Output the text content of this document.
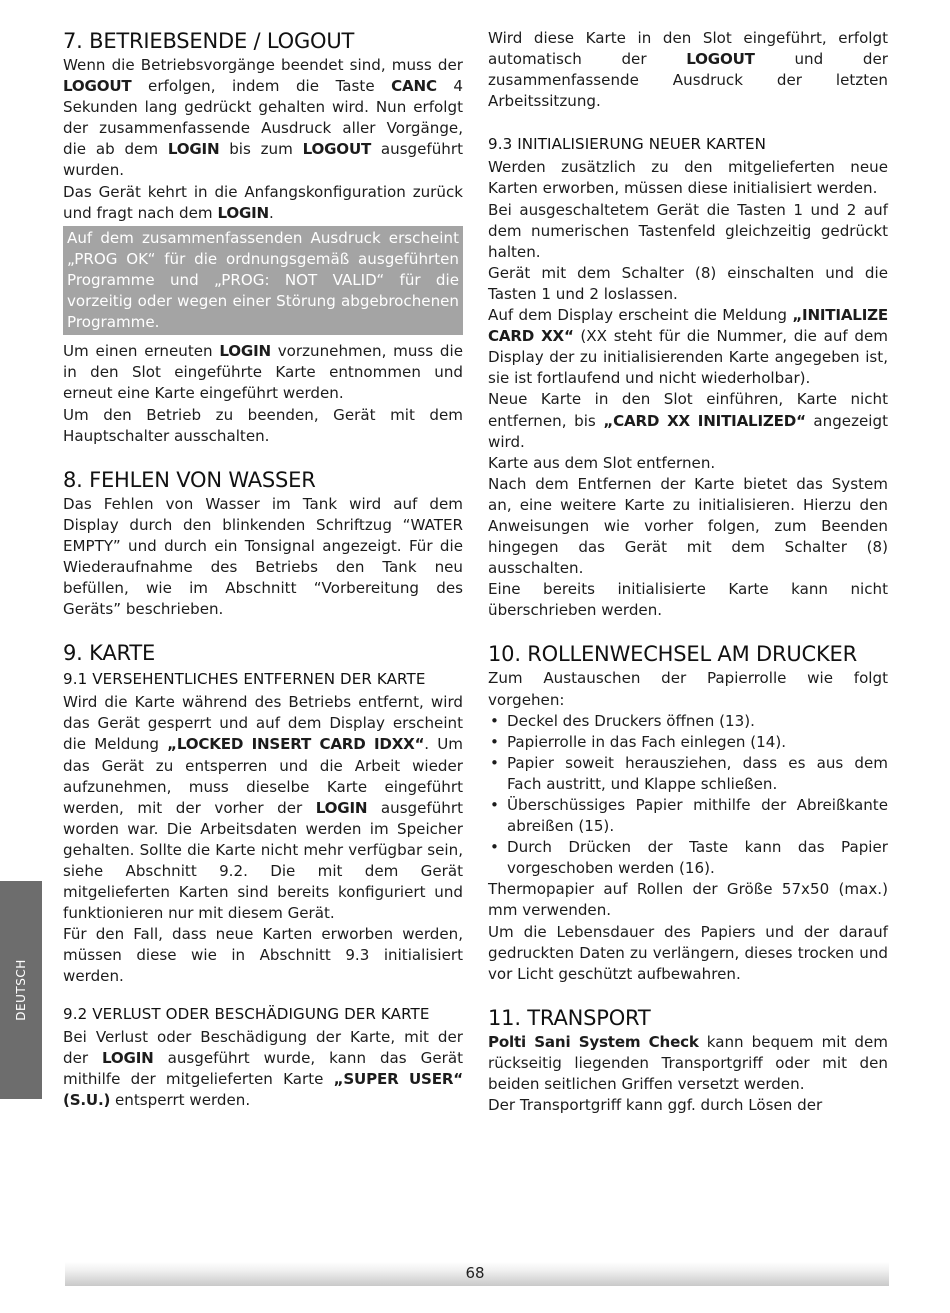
7. BETRIEBSENDE / LOGOUT

Wenn die Betriebsvorgänge beendet sind, muss der LOGOUT erfolgen, indem die Taste CANC 4 Sekunden lang gedrückt gehalten wird. Nun erfolgt der zusammenfassende Ausdruck aller Vorgänge, die ab dem LOGIN bis zum LOGOUT ausgeführt wurden.

Das Gerät kehrt in die Anfangskonfiguration zurück und fragt nach dem LOGIN.

Auf dem zusammenfassenden Ausdruck erscheint „PROG OK“ für die ordnungsgemäß ausgeführten Programme und „PROG: NOT VALID“ für die vorzeitig oder wegen einer Störung abgebrochenen Programme.

Um einen erneuten LOGIN vorzunehmen, muss die in den Slot eingeführte Karte entnommen und erneut eine Karte eingeführt werden.

Um den Betrieb zu beenden, Gerät mit dem Hauptschalter ausschalten.

8. FEHLEN VON WASSER

Das Fehlen von Wasser im Tank wird auf dem Display durch den blinkenden Schriftzug “WATER EMPTY” und durch ein Tonsignal angezeigt. Für die Wiederaufnahme des Betriebs den Tank neu befüllen, wie im Abschnitt “Vorbereitung des Geräts” beschrieben.

9. KARTE
9.1 VERSEHENTLICHES ENTFERNEN DER KARTE

Wird die Karte während des Betriebs entfernt, wird das Gerät gesperrt und auf dem Display erscheint die Meldung „LOCKED INSERT CARD IDXX“. Um das Gerät zu entsperren und die Arbeit wieder aufzunehmen, muss dieselbe Karte eingeführt werden, mit der vorher der LOGIN ausgeführt worden war. Die Arbeitsdaten werden im Speicher gehalten. Sollte die Karte nicht mehr verfügbar sein, siehe Abschnitt 9.2. Die mit dem Gerät mitgelieferten Karten sind bereits konfiguriert und funktionieren nur mit diesem Gerät.

Für den Fall, dass neue Karten erworben werden, müssen diese wie in Abschnitt 9.3 initialisiert werden.

9.2 VERLUST ODER BESCHÄDIGUNG DER KARTE

Bei Verlust oder Beschädigung der Karte, mit der der LOGIN ausgeführt wurde, kann das Gerät mithilfe der mitgelieferten Karte „SUPER USER“ (S.U.) entsperrt werden.

Wird diese Karte in den Slot eingeführt, erfolgt automatisch der LOGOUT und der zusammenfassende Ausdruck der letzten Arbeitssitzung.

9.3 INITIALISIERUNG NEUER KARTEN

Werden zusätzlich zu den mitgelieferten neue Karten erworben, müssen diese initialisiert werden.

Bei ausgeschaltetem Gerät die Tasten 1 und 2 auf dem numerischen Tastenfeld gleichzeitig gedrückt halten.

Gerät mit dem Schalter (8) einschalten und die Tasten 1 und 2 loslassen.

Auf dem Display erscheint die Meldung „INITIALIZE CARD XX“ (XX steht für die Nummer, die auf dem Display der zu initialisierenden Karte angegeben ist, sie ist fortlaufend und nicht wiederholbar).

Neue Karte in den Slot einführen, Karte nicht entfernen, bis „CARD XX INITIALIZED“ angezeigt wird.

Karte aus dem Slot entfernen.

Nach dem Entfernen der Karte bietet das System an, eine weitere Karte zu initialisieren. Hierzu den Anweisungen wie vorher folgen, zum Beenden hingegen das Gerät mit dem Schalter (8) ausschalten.

Eine bereits initialisierte Karte kann nicht überschrieben werden.

10. ROLLENWECHSEL AM DRUCKER

Zum Austauschen der Papierrolle wie folgt vorgehen:

• Deckel des Druckers öffnen (13).
• Papierrolle in das Fach einlegen (14).
• Papier soweit herausziehen, dass es aus dem Fach austritt, und Klappe schließen.
• Überschüssiges Papier mithilfe der Abreißkante abreißen (15).
• Durch Drücken der Taste kann das Papier vorgeschoben werden (16).

Thermopapier auf Rollen der Größe 57x50 (max.) mm verwenden.

Um die Lebensdauer des Papiers und der darauf gedruckten Daten zu verlängern, dieses trocken und vor Licht geschützt aufbewahren.

11. TRANSPORT

Polti Sani System Check kann bequem mit dem rückseitig liegenden Transportgriff oder mit den beiden seitlichen Griffen versetzt werden.

Der Transportgriff kann ggf. durch Lösen der

DEUTSCH
68
